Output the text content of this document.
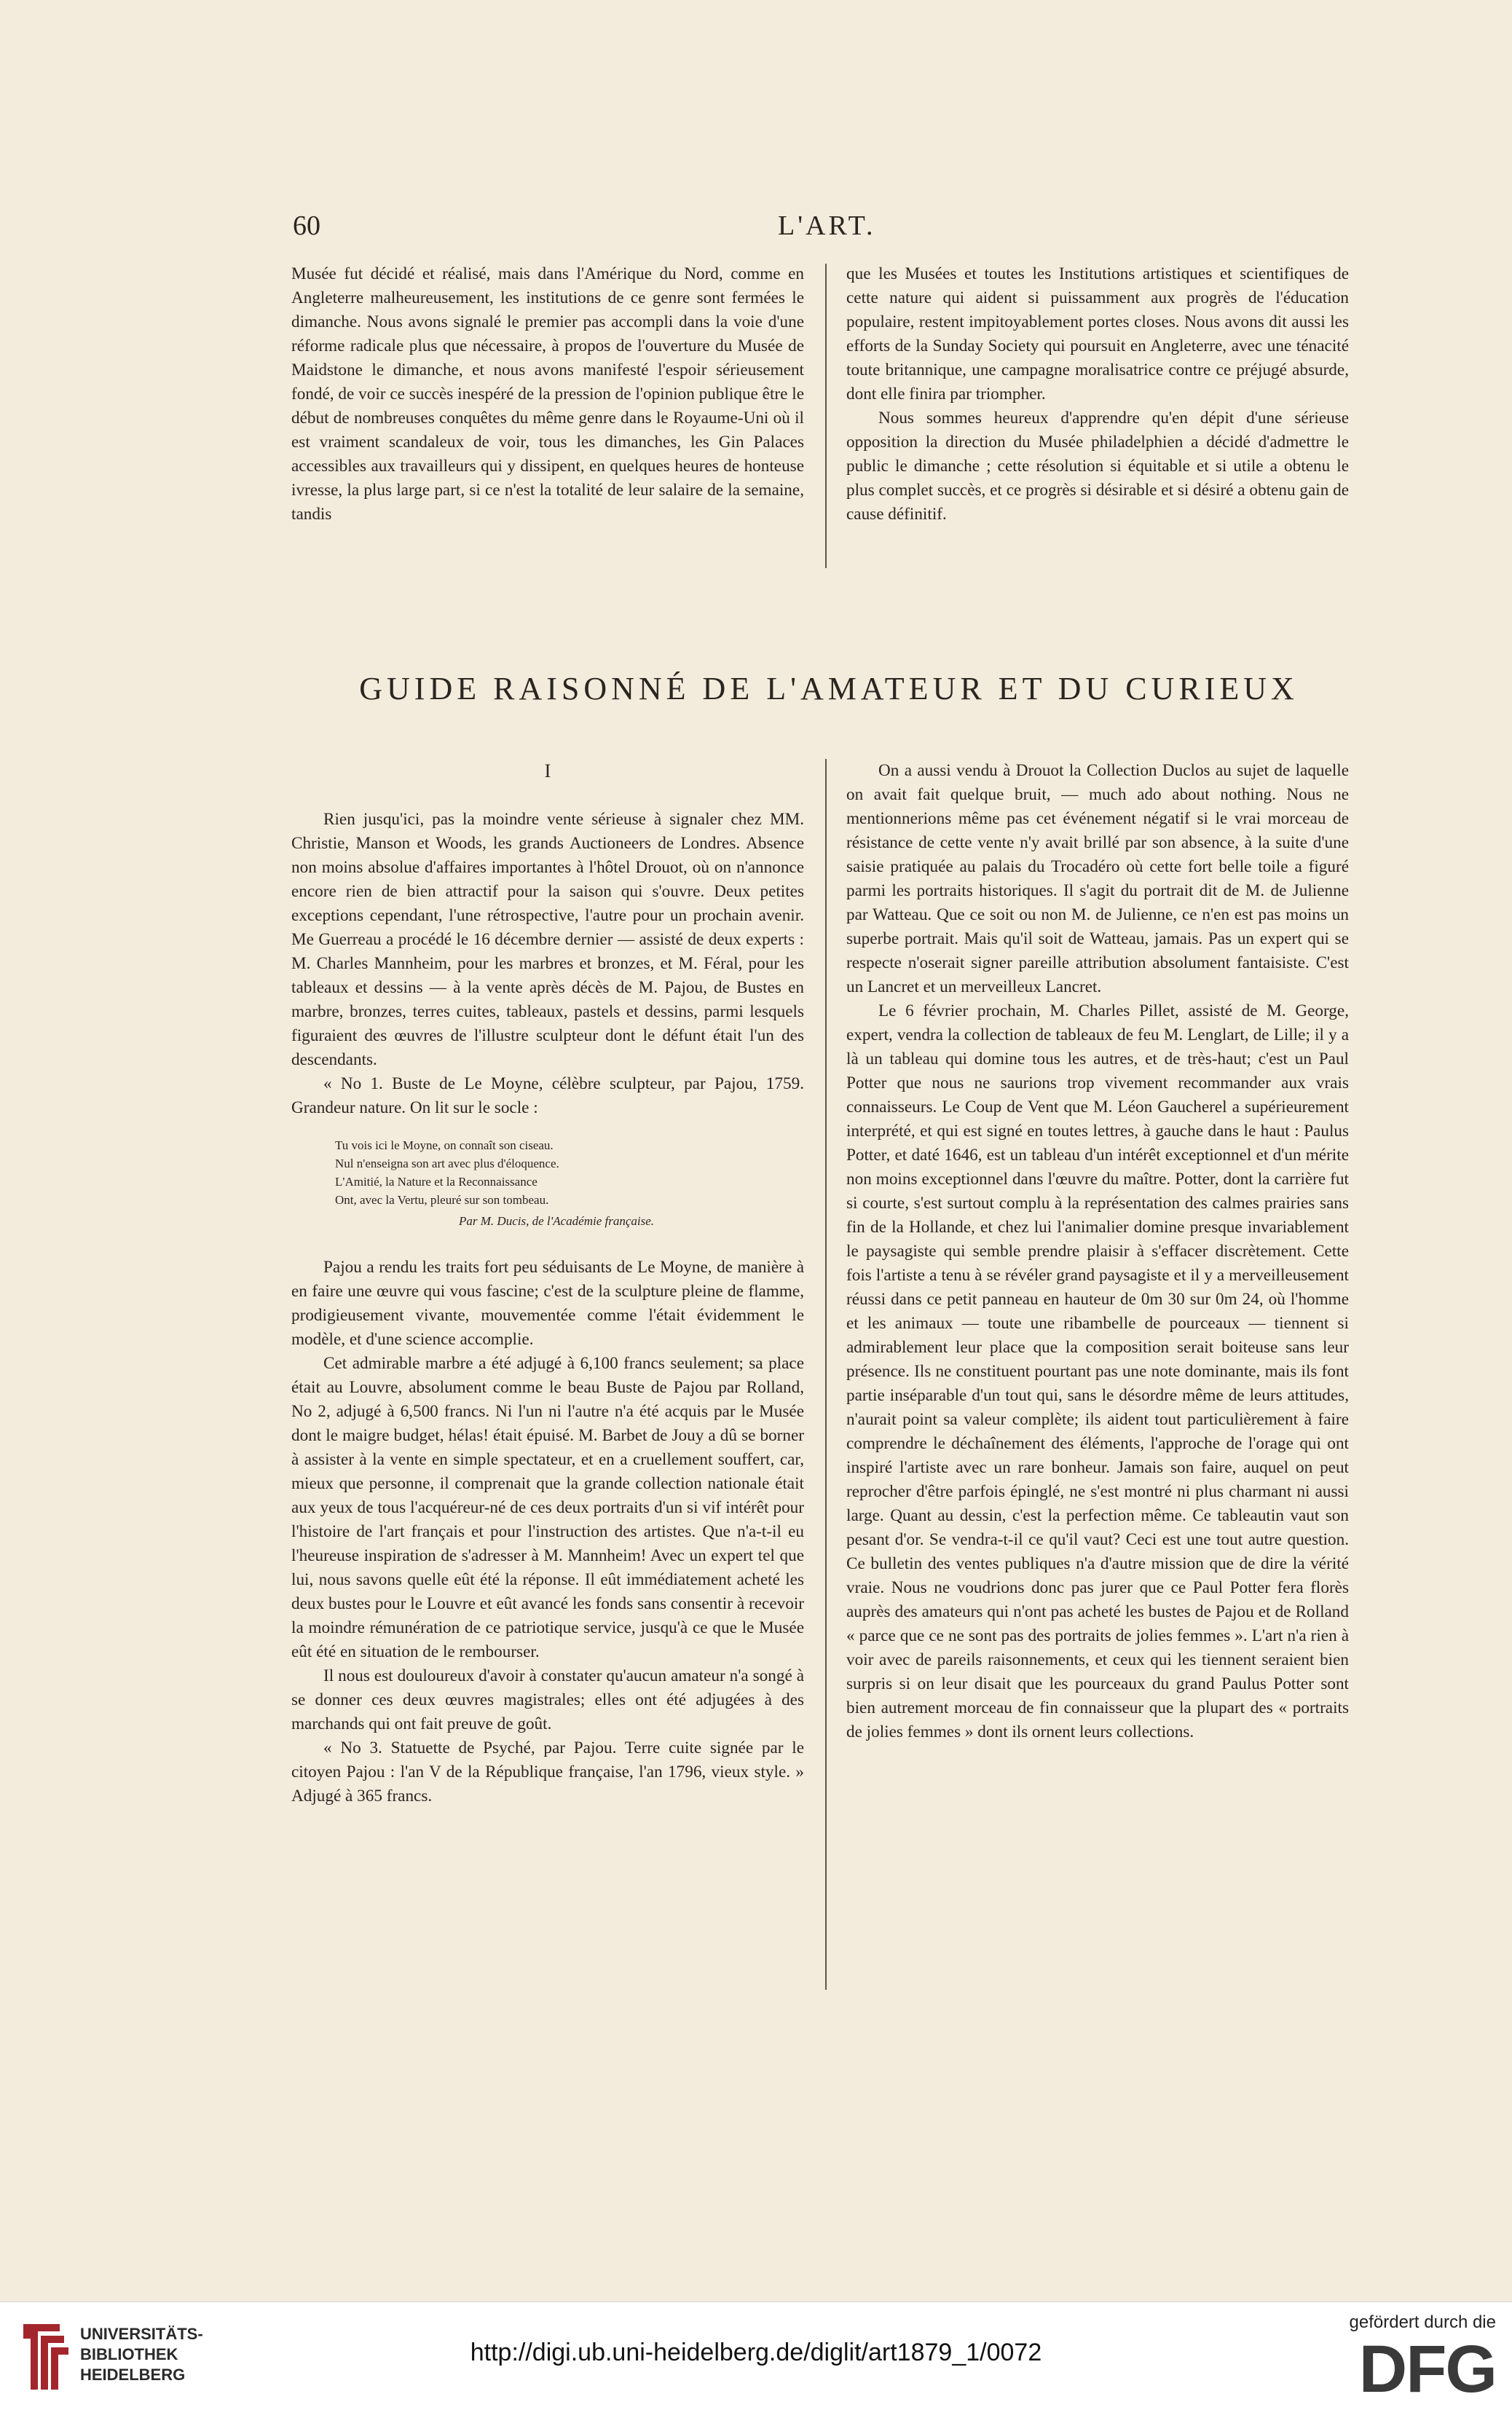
60	L'ART.

Musée fut décidé et réalisé, mais dans l'Amérique du Nord, comme en Angleterre malheureusement, les institutions de ce genre sont fermées le dimanche. Nous avons signalé le premier pas accompli dans la voie d'une réforme radicale plus que nécessaire, à propos de l'ouverture du Musée de Maidstone le dimanche, et nous avons manifesté l'espoir sérieusement fondé, de voir ce succès inespéré de la pression de l'opinion publique être le début de nombreuses conquêtes du même genre dans le Royaume-Uni où il est vraiment scandaleux de voir, tous les dimanches, les Gin Palaces accessibles aux travailleurs qui y dissipent, en quelques heures de honteuse ivresse, la plus large part, si ce n'est la totalité de leur salaire de la semaine, tandis

que les Musées et toutes les Institutions artistiques et scientifiques de cette nature qui aident si puissamment aux progrès de l'éducation populaire, restent impitoyablement portes closes. Nous avons dit aussi les efforts de la Sunday Society qui poursuit en Angleterre, avec une ténacité toute britannique, une campagne moralisatrice contre ce préjugé absurde, dont elle finira par triompher.

Nous sommes heureux d'apprendre qu'en dépit d'une sérieuse opposition la direction du Musée philadelphien a décidé d'admettre le public le dimanche ; cette résolution si équitable et si utile a obtenu le plus complet succès, et ce progrès si désirable et si désiré a obtenu gain de cause définitif.

GUIDE RAISONNÉ DE L'AMATEUR ET DU CURIEUX

I

Rien jusqu'ici, pas la moindre vente sérieuse à signaler chez MM. Christie, Manson et Woods, les grands Auctioneers de Londres. Absence non moins absolue d'affaires importantes à l'hôtel Drouot, où on n'annonce encore rien de bien attractif pour la saison qui s'ouvre. Deux petites exceptions cependant, l'une rétrospective, l'autre pour un prochain avenir. Me Guerreau a procédé le 16 décembre dernier — assisté de deux experts : M. Charles Mannheim, pour les marbres et bronzes, et M. Féral, pour les tableaux et dessins — à la vente après décès de M. Pajou, de Bustes en marbre, bronzes, terres cuites, tableaux, pastels et dessins, parmi lesquels figuraient des œuvres de l'illustre sculpteur dont le défunt était l'un des descendants.

« No 1. Buste de Le Moyne, célèbre sculpteur, par Pajou, 1759. Grandeur nature. On lit sur le socle :

Tu vois ici le Moyne, on connaît son ciseau.
Nul n'enseigna son art avec plus d'éloquence.
L'Amitié, la Nature et la Reconnaissance
Ont, avec la Vertu, pleuré sur son tombeau.

Par M. Ducis, de l'Académie française.

Pajou a rendu les traits fort peu séduisants de Le Moyne, de manière à en faire une œuvre qui vous fascine; c'est de la sculpture pleine de flamme, prodigieusement vivante, mouvementée comme l'était évidemment le modèle, et d'une science accomplie.

Cet admirable marbre a été adjugé à 6,100 francs seulement; sa place était au Louvre, absolument comme le beau Buste de Pajou par Rolland, No 2, adjugé à 6,500 francs. Ni l'un ni l'autre n'a été acquis par le Musée dont le maigre budget, hélas! était épuisé. M. Barbet de Jouy a dû se borner à assister à la vente en simple spectateur, et en a cruellement souffert, car, mieux que personne, il comprenait que la grande collection nationale était aux yeux de tous l'acquéreur-né de ces deux portraits d'un si vif intérêt pour l'histoire de l'art français et pour l'instruction des artistes. Que n'a-t-il eu l'heureuse inspiration de s'adresser à M. Mannheim! Avec un expert tel que lui, nous savons quelle eût été la réponse. Il eût immédiatement acheté les deux bustes pour le Louvre et eût avancé les fonds sans consentir à recevoir la moindre rémunération de ce patriotique service, jusqu'à ce que le Musée eût été en situation de le rembourser.

Il nous est douloureux d'avoir à constater qu'aucun amateur n'a songé à se donner ces deux œuvres magistrales; elles ont été adjugées à des marchands qui ont fait preuve de goût.

« No 3. Statuette de Psyché, par Pajou. Terre cuite signée par le citoyen Pajou : l'an V de la République française, l'an 1796, vieux style. » Adjugé à 365 francs.

On a aussi vendu à Drouot la Collection Duclos au sujet de laquelle on avait fait quelque bruit, — much ado about nothing. Nous ne mentionnerions même pas cet événement négatif si le vrai morceau de résistance de cette vente n'y avait brillé par son absence, à la suite d'une saisie pratiquée au palais du Trocadéro où cette fort belle toile a figuré parmi les portraits historiques. Il s'agit du portrait dit de M. de Julienne par Watteau. Que ce soit ou non M. de Julienne, ce n'en est pas moins un superbe portrait. Mais qu'il soit de Watteau, jamais. Pas un expert qui se respecte n'oserait signer pareille attribution absolument fantaisiste. C'est un Lancret et un merveilleux Lancret.

Le 6 février prochain, M. Charles Pillet, assisté de M. George, expert, vendra la collection de tableaux de feu M. Lenglart, de Lille; il y a là un tableau qui domine tous les autres, et de très-haut; c'est un Paul Potter que nous ne saurions trop vivement recommander aux vrais connaisseurs. Le Coup de Vent que M. Léon Gaucherel a supérieurement interprété, et qui est signé en toutes lettres, à gauche dans le haut : Paulus Potter, et daté 1646, est un tableau d'un intérêt exceptionnel et d'un mérite non moins exceptionnel dans l'œuvre du maître. Potter, dont la carrière fut si courte, s'est surtout complu à la représentation des calmes prairies sans fin de la Hollande, et chez lui l'animalier domine presque invariablement le paysagiste qui semble prendre plaisir à s'effacer discrètement. Cette fois l'artiste a tenu à se révéler grand paysagiste et il y a merveilleusement réussi dans ce petit panneau en hauteur de 0m 30 sur 0m 24, où l'homme et les animaux — toute une ribambelle de pourceaux — tiennent si admirablement leur place que la composition serait boiteuse sans leur présence. Ils ne constituent pourtant pas une note dominante, mais ils font partie inséparable d'un tout qui, sans le désordre même de leurs attitudes, n'aurait point sa valeur complète; ils aident tout particulièrement à faire comprendre le déchaînement des éléments, l'approche de l'orage qui ont inspiré l'artiste avec un rare bonheur. Jamais son faire, auquel on peut reprocher d'être parfois épinglé, ne s'est montré ni plus charmant ni aussi large. Quant au dessin, c'est la perfection même. Ce tableautin vaut son pesant d'or. Se vendra-t-il ce qu'il vaut? Ceci est une tout autre question. Ce bulletin des ventes publiques n'a d'autre mission que de dire la vérité vraie. Nous ne voudrions donc pas jurer que ce Paul Potter fera florès auprès des amateurs qui n'ont pas acheté les bustes de Pajou et de Rolland « parce que ce ne sont pas des portraits de jolies femmes ». L'art n'a rien à voir avec de pareils raisonnements, et ceux qui les tiennent seraient bien surpris si on leur disait que les pourceaux du grand Paulus Potter sont bien autrement morceau de fin connaisseur que la plupart des « portraits de jolies femmes » dont ils ornent leurs collections.

UNIVERSITÄTS-
BIBLIOTHEK
HEIDELBERG
http://digi.ub.uni-heidelberg.de/diglit/art1879_1/0072
gefördert durch die
DFG
